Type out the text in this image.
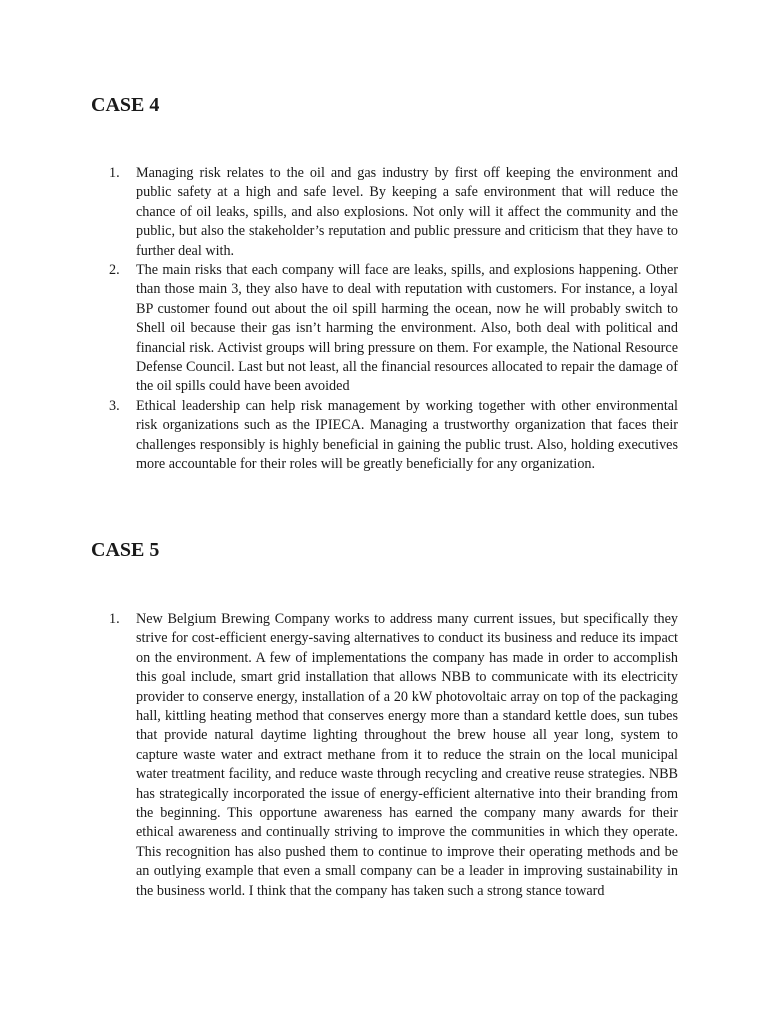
CASE 4
1. Managing risk relates to the oil and gas industry by first off keeping the environment and public safety at a high and safe level. By keeping a safe environment that will reduce the chance of oil leaks, spills, and also explosions. Not only will it affect the community and the public, but also the stakeholder’s reputation and public pressure and criticism that they have to further deal with.
2. The main risks that each company will face are leaks, spills, and explosions happening. Other than those main 3, they also have to deal with reputation with customers. For instance, a loyal BP customer found out about the oil spill harming the ocean, now he will probably switch to Shell oil because their gas isn’t harming the environment. Also, both deal with political and financial risk. Activist groups will bring pressure on them. For example, the National Resource Defense Council. Last but not least, all the financial resources allocated to repair the damage of the oil spills could have been avoided
3. Ethical leadership can help risk management by working together with other environmental risk organizations such as the IPIECA. Managing a trustworthy organization that faces their challenges responsibly is highly beneficial in gaining the public trust. Also, holding executives more accountable for their roles will be greatly beneficially for any organization.
CASE 5
1. New Belgium Brewing Company works to address many current issues, but specifically they strive for cost-efficient energy-saving alternatives to conduct its business and reduce its impact on the environment. A few of implementations the company has made in order to accomplish this goal include, smart grid installation that allows NBB to communicate with its electricity provider to conserve energy, installation of a 20 kW photovoltaic array on top of the packaging hall, kittling heating method that conserves energy more than a standard kettle does, sun tubes that provide natural daytime lighting throughout the brew house all year long, system to capture waste water and extract methane from it to reduce the strain on the local municipal water treatment facility, and reduce waste through recycling and creative reuse strategies. NBB has strategically incorporated the issue of energy-efficient alternative into their branding from the beginning. This opportune awareness has earned the company many awards for their ethical awareness and continually striving to improve the communities in which they operate. This recognition has also pushed them to continue to improve their operating methods and be an outlying example that even a small company can be a leader in improving sustainability in the business world. I think that the company has taken such a strong stance toward
